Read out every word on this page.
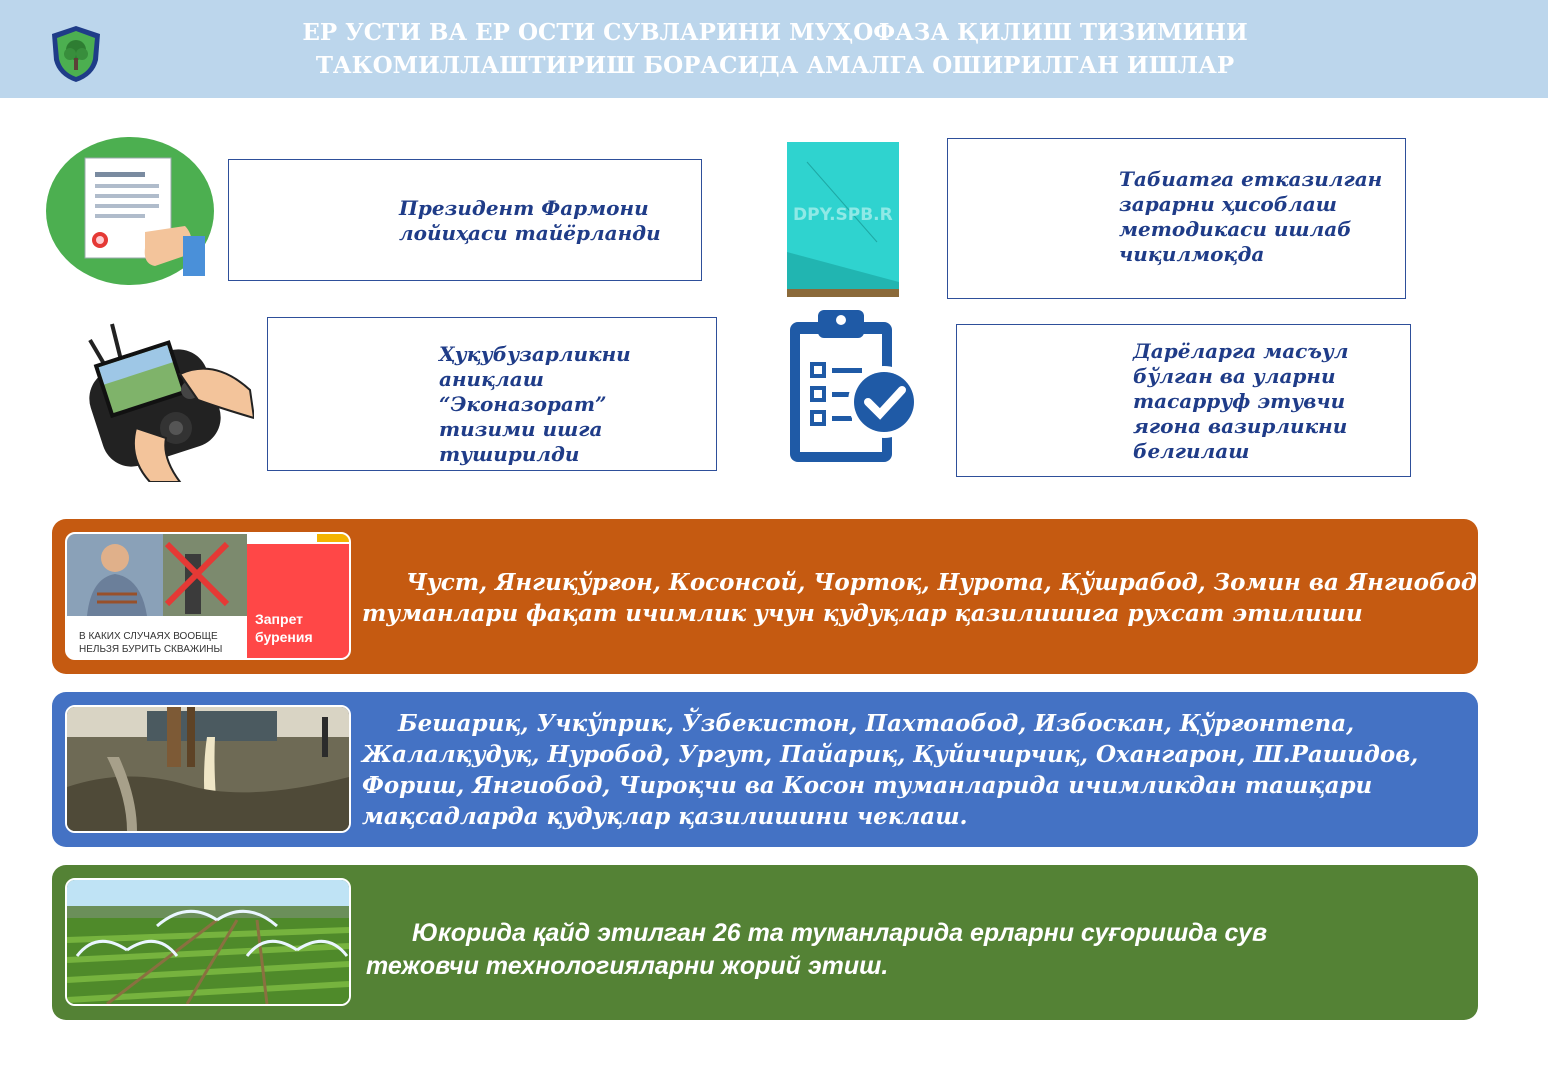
ЕР УСТИ ВА ЕР ОСТИ СУВЛАРИНИ МУҲОФАЗА ҚИЛИШ ТИЗИМИНИ
ТАКОМИЛЛАШТИРИШ БОРАСИДА АМАЛГА ОШИРИЛГАН ИШЛАР
Президент Фармони
лойиҳаси тайёрланди
DPY.SPB.R
Табиатга етказилган
зарарни ҳисоблаш
методикаси ишлаб
чиқилмоқда
Ҳуқубузарликни
аниқлаш “Эконазорат”
тизими ишга
туширилди
Дарёларга масъул
бўлган ва уларни
тасарруф этувчи
ягона вазирликни
белгилаш
Запрет
бурения
В КАКИХ СЛУЧАЯХ ВООБЩЕ НЕЛЬЗЯ БУРИТЬ СКВАЖИНЫ
Чуст, Янгиқўрғон, Косонсой, Чортоқ, Нурота, Қўшрабод, Зомин ва Янгиобод
туманлари фақат ичимлик учун қудуқлар қазилишига рухсат этилиши
Бешариқ, Учкўприк, Ўзбекистон, Пахтаобод, Избоскан, Қўрғонтепа,
Жалалқудуқ, Нуробод, Ургут, Пайариқ, Қуйичирчиқ, Охангарон, Ш.Рашидов,
Фориш, Янгиобод, Чироқчи ва Косон туманларида ичимликдан ташқари
мақсадларда қудуқлар қазилишини чеклаш.
Юкорида қайд этилган 26 та туманларида ерларни суғоришда сув
тежовчи технологияларни жорий этиш.
